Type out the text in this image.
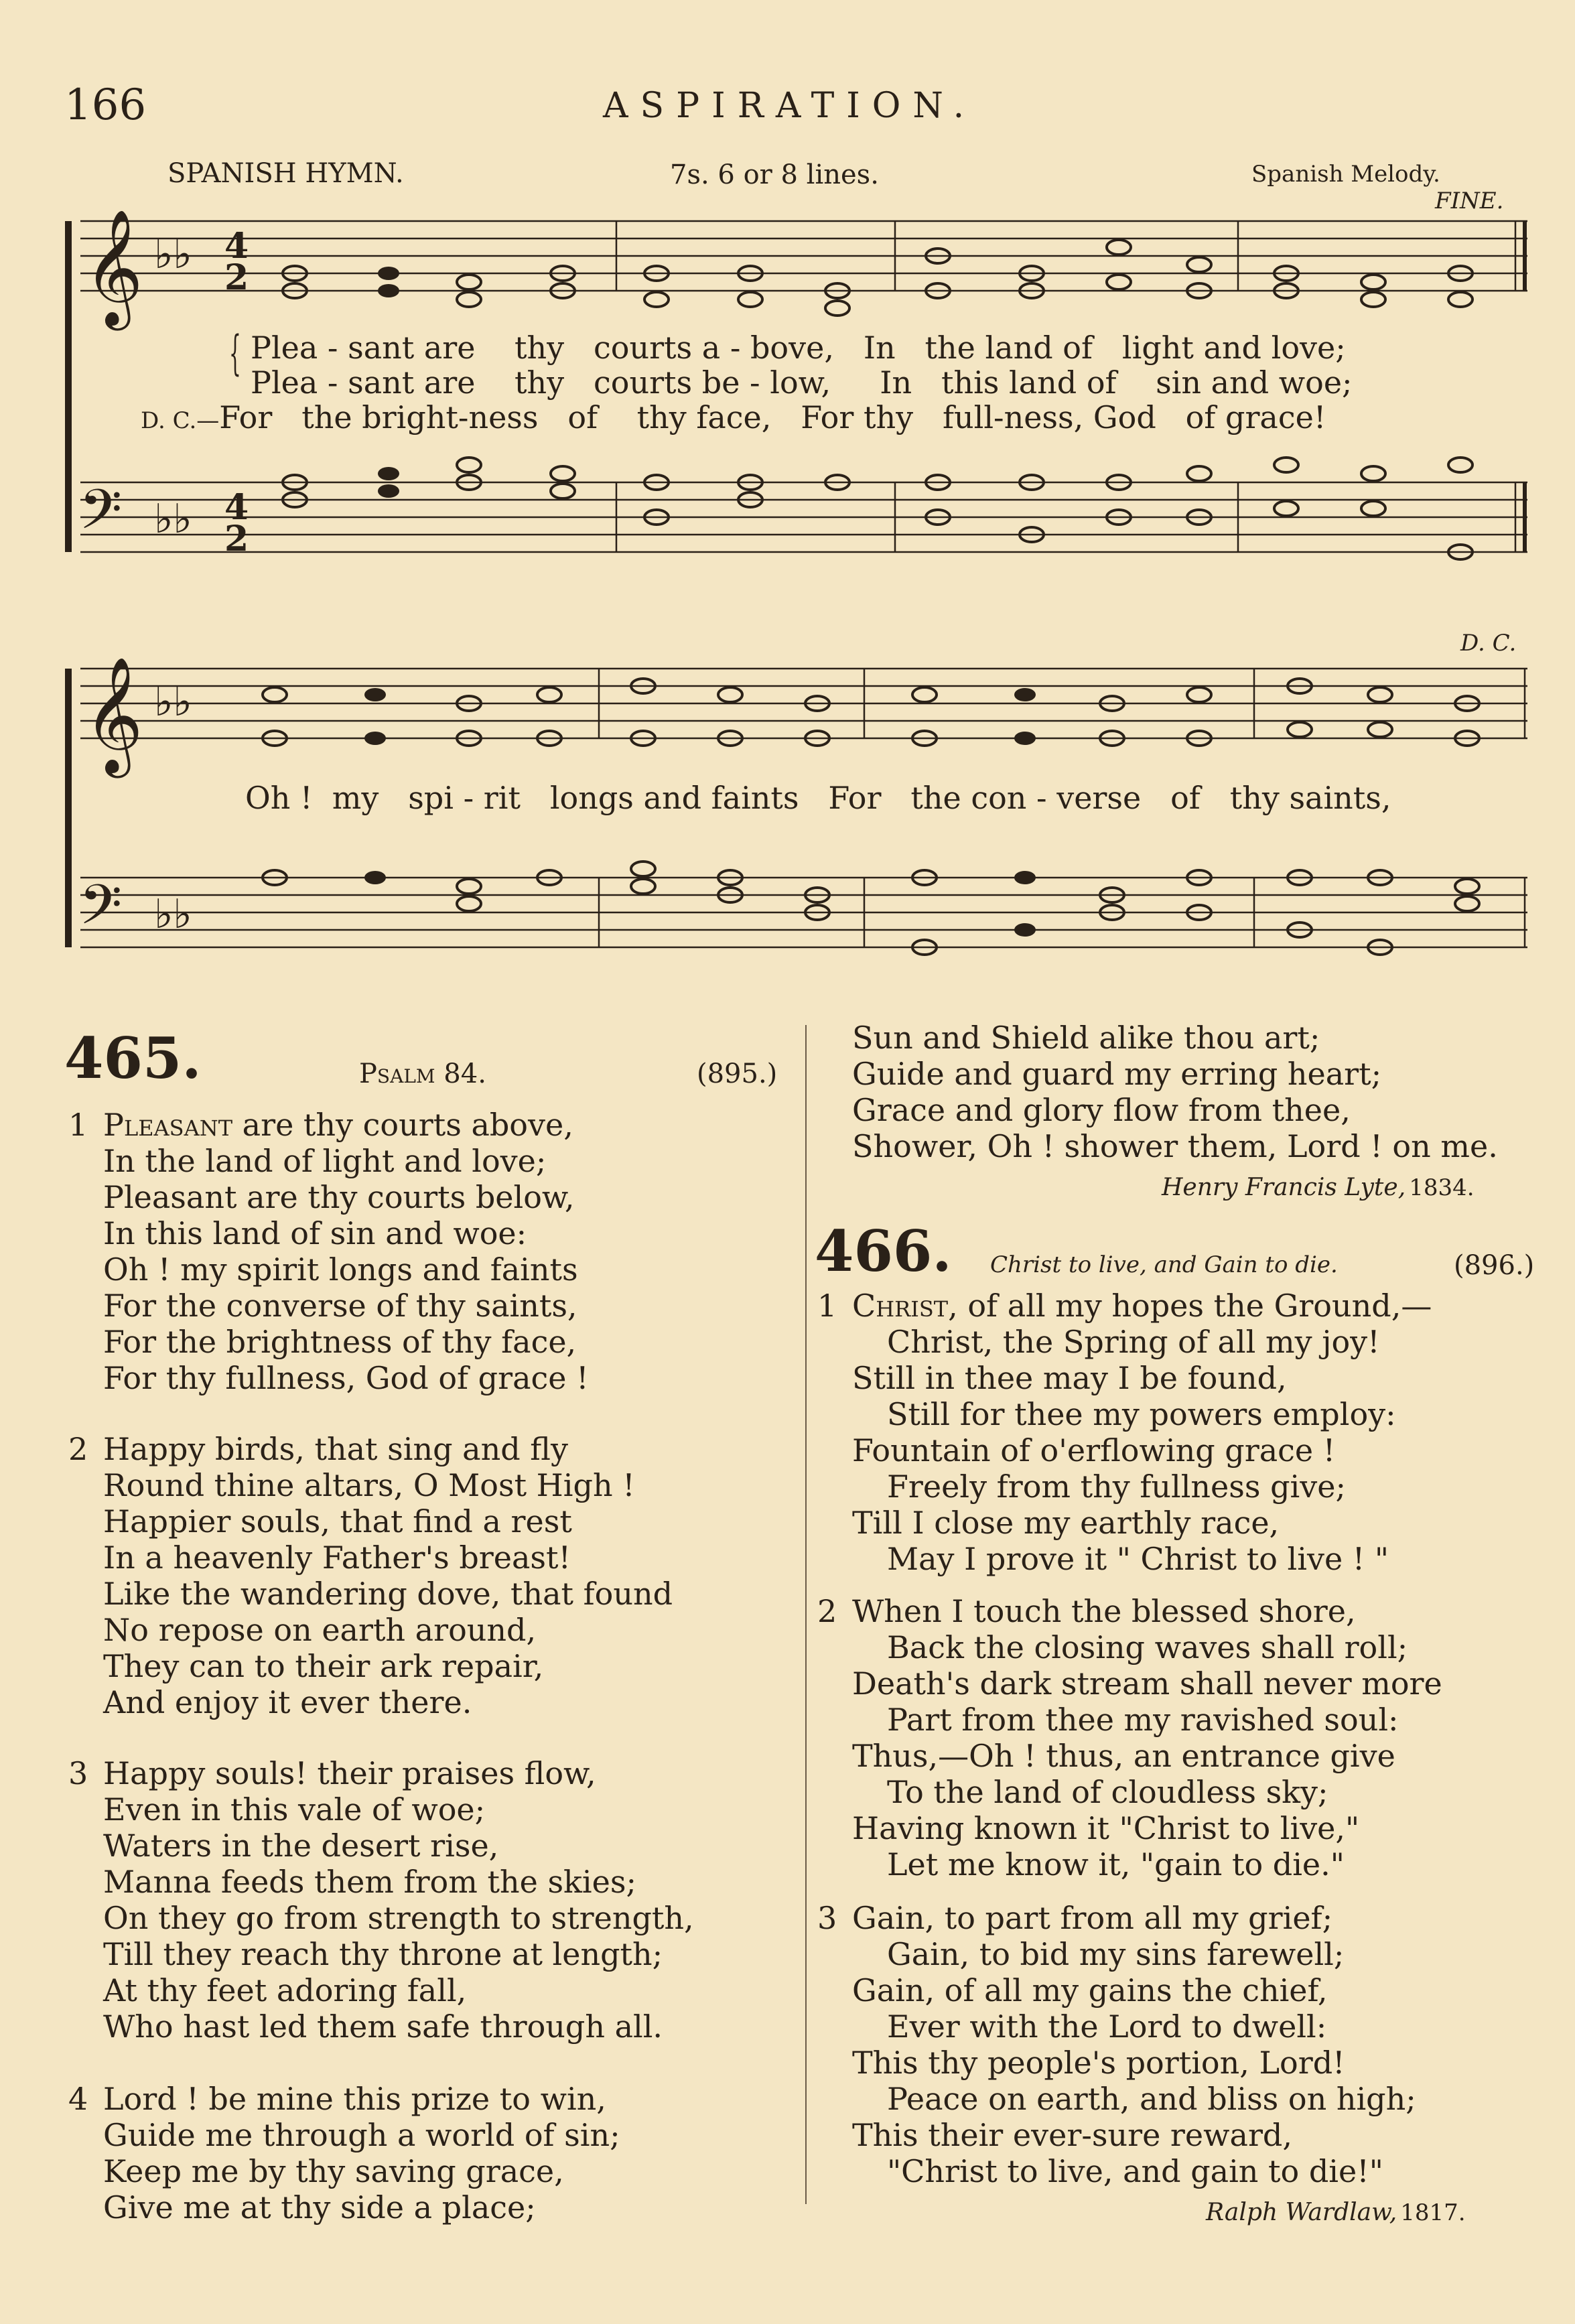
166	ASPIRATION.
SPANISH HYMN.	7s. 6 or 8 lines.	Spanish Melody.
FINE.
D. C.
𝄞 ♭♭ 4
2
𝄢 ♭♭ 4
2
𝄞 ♭♭
𝄢 ♭♭
{ Plea - sant are thy courts a - bove, In the land of light and love;
Plea - sant are thy courts be - low, In this land of sin and woe;
D. C.—For the bright-ness of thy face, For thy full-ness, God of grace!
Oh ! my spi - rit longs and faints For the con - verse of thy saints,
465.	Psalm 84.	(895.)
1 Pleasant are thy courts above,
In the land of light and love;
Pleasant are thy courts below,
In this land of sin and woe:
Oh ! my spirit longs and faints
For the converse of thy saints,
For the brightness of thy face,
For thy fullness, God of grace !
2 Happy birds, that sing and fly
Round thine altars, O Most High !
Happier souls, that find a rest
In a heavenly Father's breast!
Like the wandering dove, that found
No repose on earth around,
They can to their ark repair,
And enjoy it ever there.
3 Happy souls! their praises flow,
Even in this vale of woe;
Waters in the desert rise,
Manna feeds them from the skies;
On they go from strength to strength,
Till they reach thy throne at length;
At thy feet adoring fall,
Who hast led them safe through all.
4 Lord ! be mine this prize to win,
Guide me through a world of sin;
Keep me by thy saving grace,
Give me at thy side a place;
Sun and Shield alike thou art;
Guide and guard my erring heart;
Grace and glory flow from thee,
Shower, Oh ! shower them, Lord ! on me.
Henry Francis Lyte, 1834.
466. Christ to live, and Gain to die.	(896.)
1 Christ, of all my hopes the Ground,—
Christ, the Spring of all my joy!
Still in thee may I be found,
Still for thee my powers employ:
Fountain of o'erflowing grace !
Freely from thy fullness give;
Till I close my earthly race,
May I prove it " Christ to live ! "
2 When I touch the blessed shore,
Back the closing waves shall roll;
Death's dark stream shall never more
Part from thee my ravished soul:
Thus,—Oh ! thus, an entrance give
To the land of cloudless sky;
Having known it "Christ to live,"
Let me know it, "gain to die."
3 Gain, to part from all my grief;
Gain, to bid my sins farewell;
Gain, of all my gains the chief,
Ever with the Lord to dwell:
This thy people's portion, Lord!
Peace on earth, and bliss on high;
This their ever-sure reward,
"Christ to live, and gain to die!"
Ralph Wardlaw, 1817.
